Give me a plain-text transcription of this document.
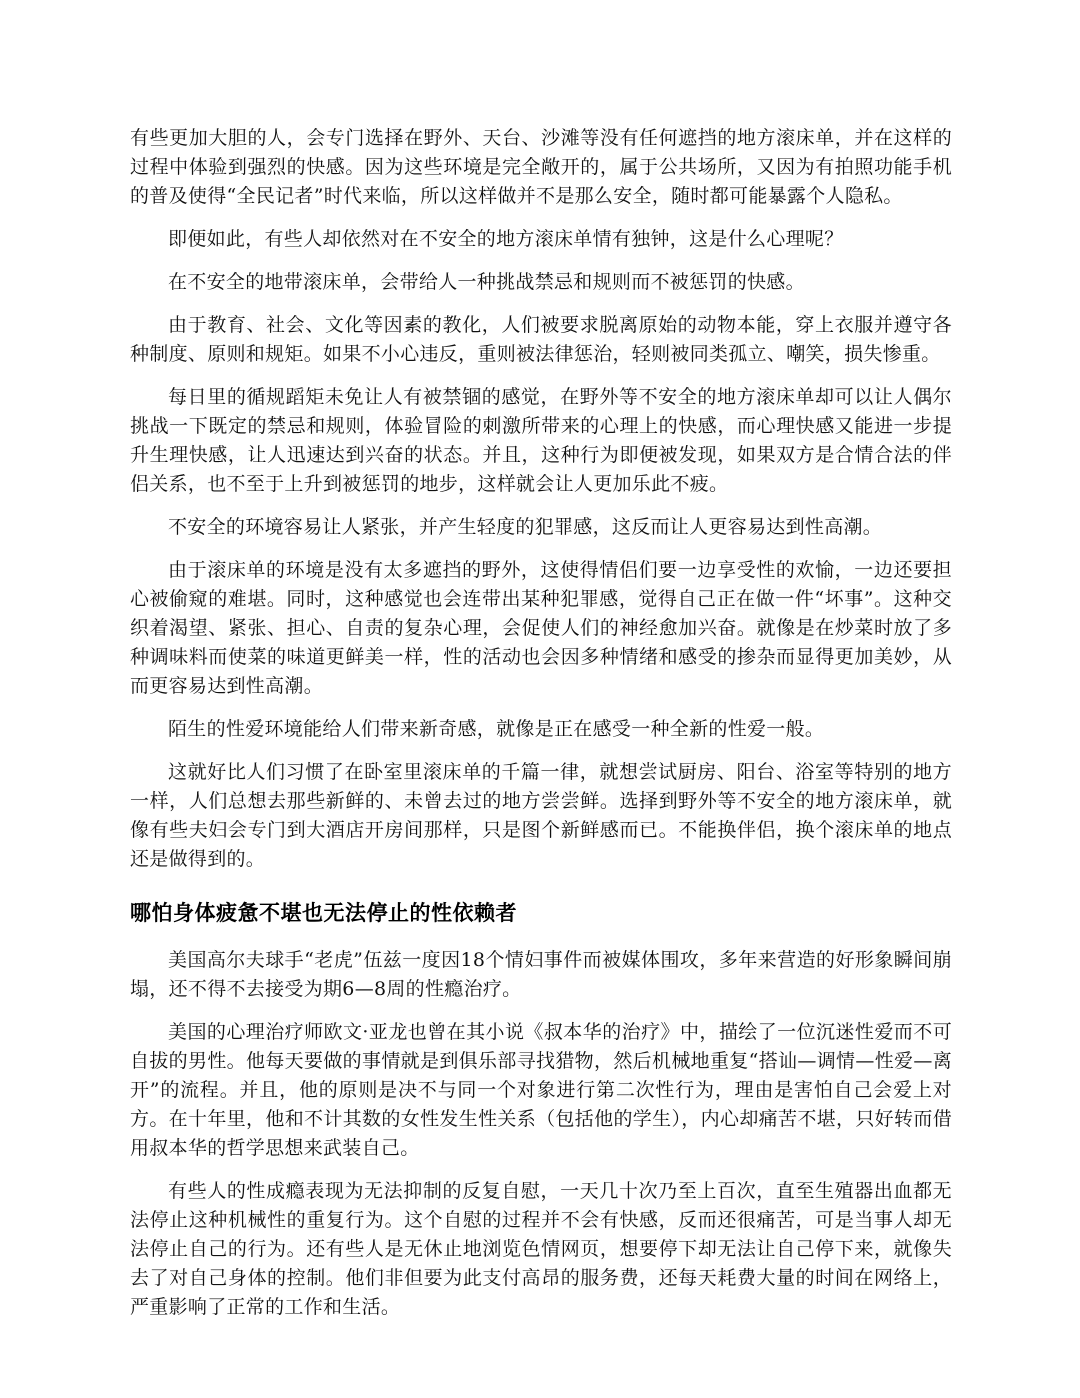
有些更加大胆的人，会专门选择在野外、天台、沙滩等没有任何遮挡的地方滚床单，并在这样的过程中体验到强烈的快感。因为这些环境是完全敞开的，属于公共场所，又因为有拍照功能手机的普及使得“全民记者”时代来临，所以这样做并不是那么安全，随时都可能暴露个人隐私。

即便如此，有些人却依然对在不安全的地方滚床单情有独钟，这是什么心理呢？

在不安全的地带滚床单，会带给人一种挑战禁忌和规则而不被惩罚的快感。

由于教育、社会、文化等因素的教化，人们被要求脱离原始的动物本能，穿上衣服并遵守各种制度、原则和规矩。如果不小心违反，重则被法律惩治，轻则被同类孤立、嘲笑，损失惨重。

每日里的循规蹈矩未免让人有被禁锢的感觉，在野外等不安全的地方滚床单却可以让人偶尔挑战一下既定的禁忌和规则，体验冒险的刺激所带来的心理上的快感，而心理快感又能进一步提升生理快感，让人迅速达到兴奋的状态。并且，这种行为即便被发现，如果双方是合情合法的伴侣关系，也不至于上升到被惩罚的地步，这样就会让人更加乐此不疲。

不安全的环境容易让人紧张，并产生轻度的犯罪感，这反而让人更容易达到性高潮。

由于滚床单的环境是没有太多遮挡的野外，这使得情侣们要一边享受性的欢愉，一边还要担心被偷窥的难堪。同时，这种感觉也会连带出某种犯罪感，觉得自己正在做一件“坏事”。这种交织着渴望、紧张、担心、自责的复杂心理，会促使人们的神经愈加兴奋。就像是在炒菜时放了多种调味料而使菜的味道更鲜美一样，性的活动也会因多种情绪和感受的掺杂而显得更加美妙，从而更容易达到性高潮。

陌生的性爱环境能给人们带来新奇感，就像是正在感受一种全新的性爱一般。

这就好比人们习惯了在卧室里滚床单的千篇一律，就想尝试厨房、阳台、浴室等特别的地方一样，人们总想去那些新鲜的、未曾去过的地方尝尝鲜。选择到野外等不安全的地方滚床单，就像有些夫妇会专门到大酒店开房间那样，只是图个新鲜感而已。不能换伴侣，换个滚床单的地点还是做得到的。

哪怕身体疲惫不堪也无法停止的性依赖者

美国高尔夫球手“老虎”伍兹一度因18个情妇事件而被媒体围攻，多年来营造的好形象瞬间崩塌，还不得不去接受为期6—8周的性瘾治疗。

美国的心理治疗师欧文·亚龙也曾在其小说《叔本华的治疗》中，描绘了一位沉迷性爱而不可自拔的男性。他每天要做的事情就是到俱乐部寻找猎物，然后机械地重复“搭讪—调情—性爱—离开”的流程。并且，他的原则是决不与同一个对象进行第二次性行为，理由是害怕自己会爱上对方。在十年里，他和不计其数的女性发生性关系（包括他的学生），内心却痛苦不堪，只好转而借用叔本华的哲学思想来武装自己。

有些人的性成瘾表现为无法抑制的反复自慰，一天几十次乃至上百次，直至生殖器出血都无法停止这种机械性的重复行为。这个自慰的过程并不会有快感，反而还很痛苦，可是当事人却无法停止自己的行为。还有些人是无休止地浏览色情网页，想要停下却无法让自己停下来，就像失去了对自己身体的控制。他们非但要为此支付高昂的服务费，还每天耗费大量的时间在网络上，严重影响了正常的工作和生活。
